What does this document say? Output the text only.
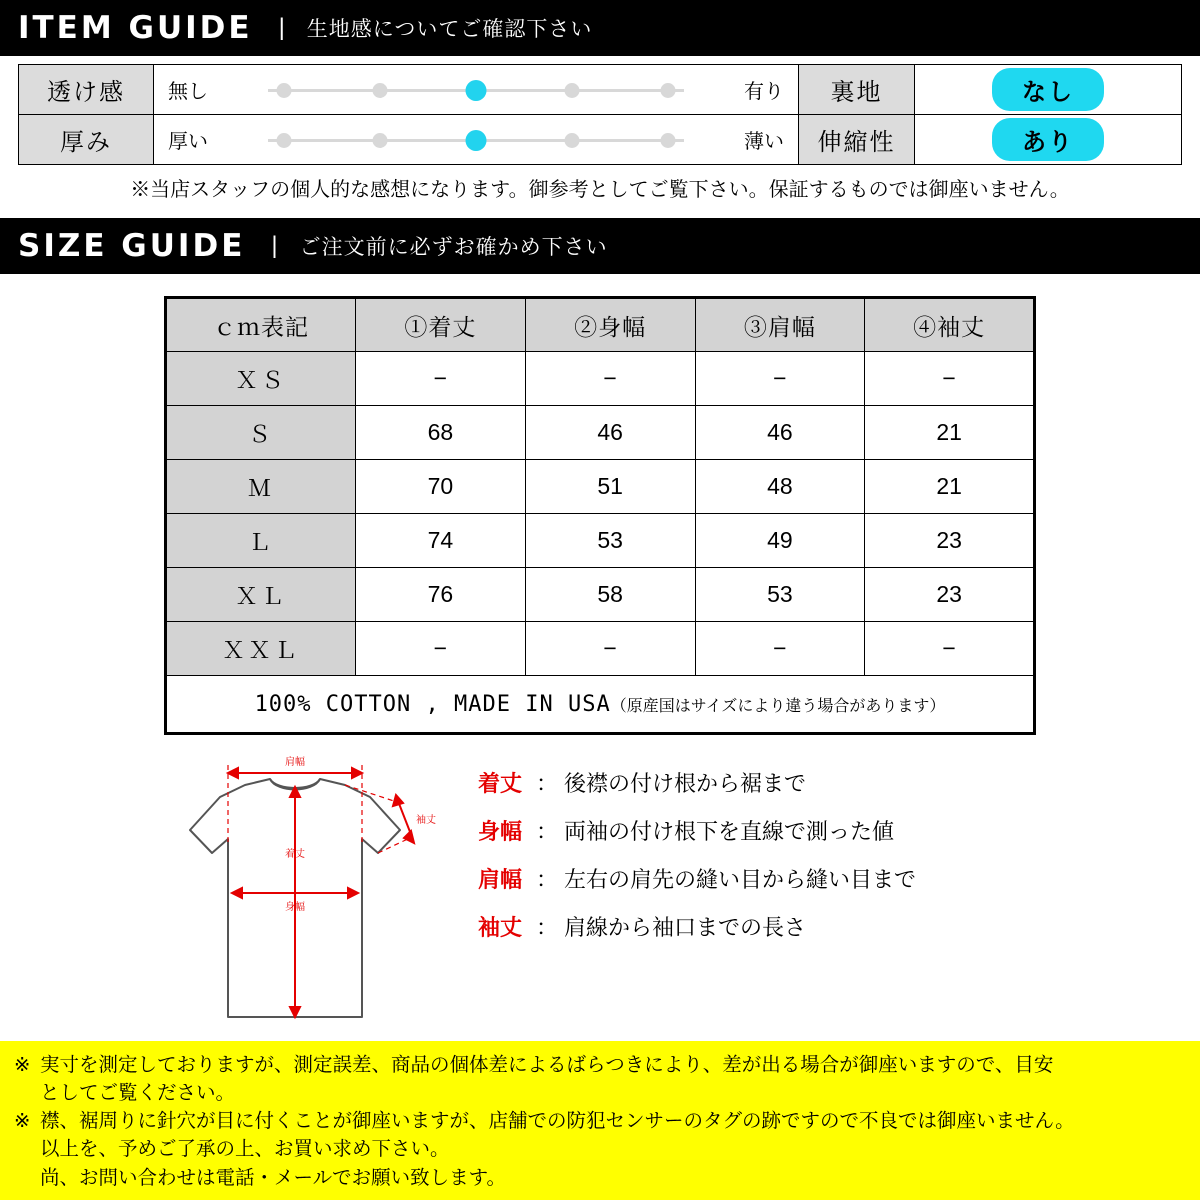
ITEM GUIDE | 生地感についてご確認下さい
透け感	無し 有り	裏地	なし
厚み	厚い 薄い	伸縮性	あり
※当店スタッフの個人的な感想になります。御参考としてご覧下さい。保証するものでは御座いません。
SIZE GUIDE | ご注文前に必ずお確かめ下さい
ｃｍ表記	①着丈	②身幅	③肩幅	④袖丈
ＸＳ	−	−	−	−
Ｓ	68	46	46	21
Ｍ	70	51	48	21
Ｌ	74	53	49	23
ＸＬ	76	58	53	23
ＸＸＬ	−	−	−	−
100% COTTON , MADE IN USA（原産国はサイズにより違う場合があります）				
肩幅
着丈
身幅
袖丈
着丈 ： 後襟の付け根から裾まで
身幅 ： 両袖の付け根下を直線で測った値
肩幅 ： 左右の肩先の縫い目から縫い目まで
袖丈 ： 肩線から袖口までの長さ
※ 実寸を測定しておりますが、測定誤差、商品の個体差によるばらつきにより、差が出る場合が御座いますので、目安
としてご覧ください。
※ 襟、裾周りに針穴が目に付くことが御座いますが、店舗での防犯センサーのタグの跡ですので不良では御座いません。
以上を、予めご了承の上、お買い求め下さい。
尚、お問い合わせは電話・メールでお願い致します。
